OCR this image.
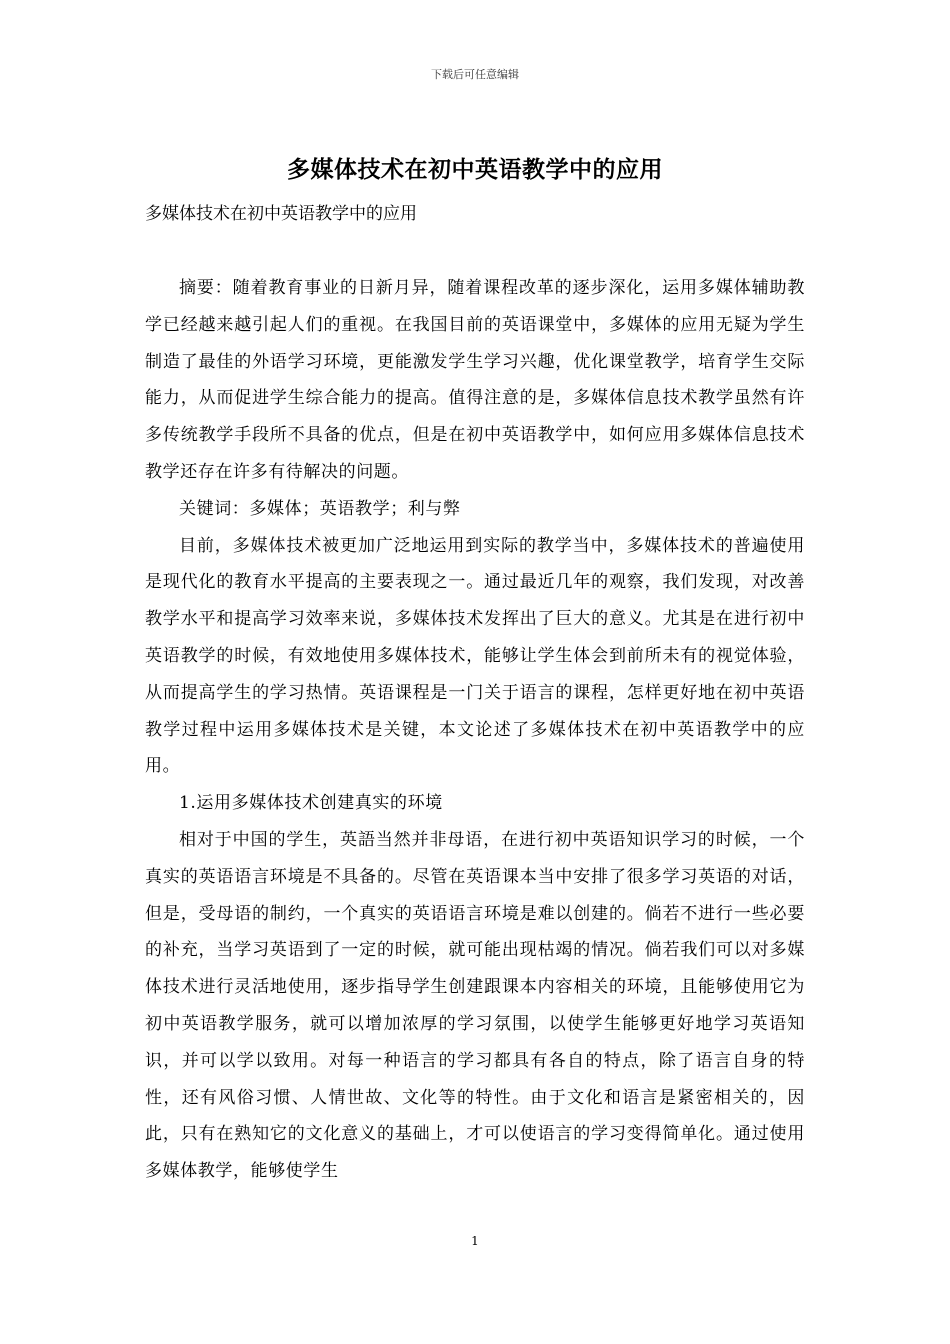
下载后可任意编辑
多媒体技术在初中英语教学中的应用
多媒体技术在初中英语教学中的应用

摘要：随着教育事业的日新月异，随着课程改革的逐步深化，运用多媒体辅助教学已经越来越引起人们的重视。在我国目前的英语课堂中，多媒体的应用无疑为学生制造了最佳的外语学习环境，更能激发学生学习兴趣，优化课堂教学，培育学生交际能力，从而促进学生综合能力的提高。值得注意的是，多媒体信息技术教学虽然有许多传统教学手段所不具备的优点，但是在初中英语教学中，如何应用多媒体信息技术教学还存在许多有待解决的问题。

关键词：多媒体；英语教学；利与弊

目前，多媒体技术被更加广泛地运用到实际的教学当中，多媒体技术的普遍使用是现代化的教育水平提高的主要表现之一。通过最近几年的观察，我们发现，对改善教学水平和提高学习效率来说，多媒体技术发挥出了巨大的意义。尤其是在进行初中英语教学的时候，有效地使用多媒体技术，能够让学生体会到前所未有的视觉体验，从而提高学生的学习热情。英语课程是一门关于语言的课程，怎样更好地在初中英语教学过程中运用多媒体技术是关键，本文论述了多媒体技术在初中英语教学中的应用。

1.运用多媒体技术创建真实的环境

相对于中国的学生，英語当然并非母语，在进行初中英语知识学习的时候，一个真实的英语语言环境是不具备的。尽管在英语课本当中安排了很多学习英语的对话，但是，受母语的制约，一个真实的英语语言环境是难以创建的。倘若不进行一些必要的补充，当学习英语到了一定的时候，就可能出现枯竭的情况。倘若我们可以对多媒体技术进行灵活地使用，逐步指导学生创建跟课本内容相关的环境，且能够使用它为初中英语教学服务，就可以增加浓厚的学习氛围，以使学生能够更好地学习英语知识，并可以学以致用。对每一种语言的学习都具有各自的特点，除了语言自身的特性，还有风俗习惯、人情世故、文化等的特性。由于文化和语言是紧密相关的，因此，只有在熟知它的文化意义的基础上，才可以使语言的学习变得简单化。通过使用多媒体教学，能够使学生

1
